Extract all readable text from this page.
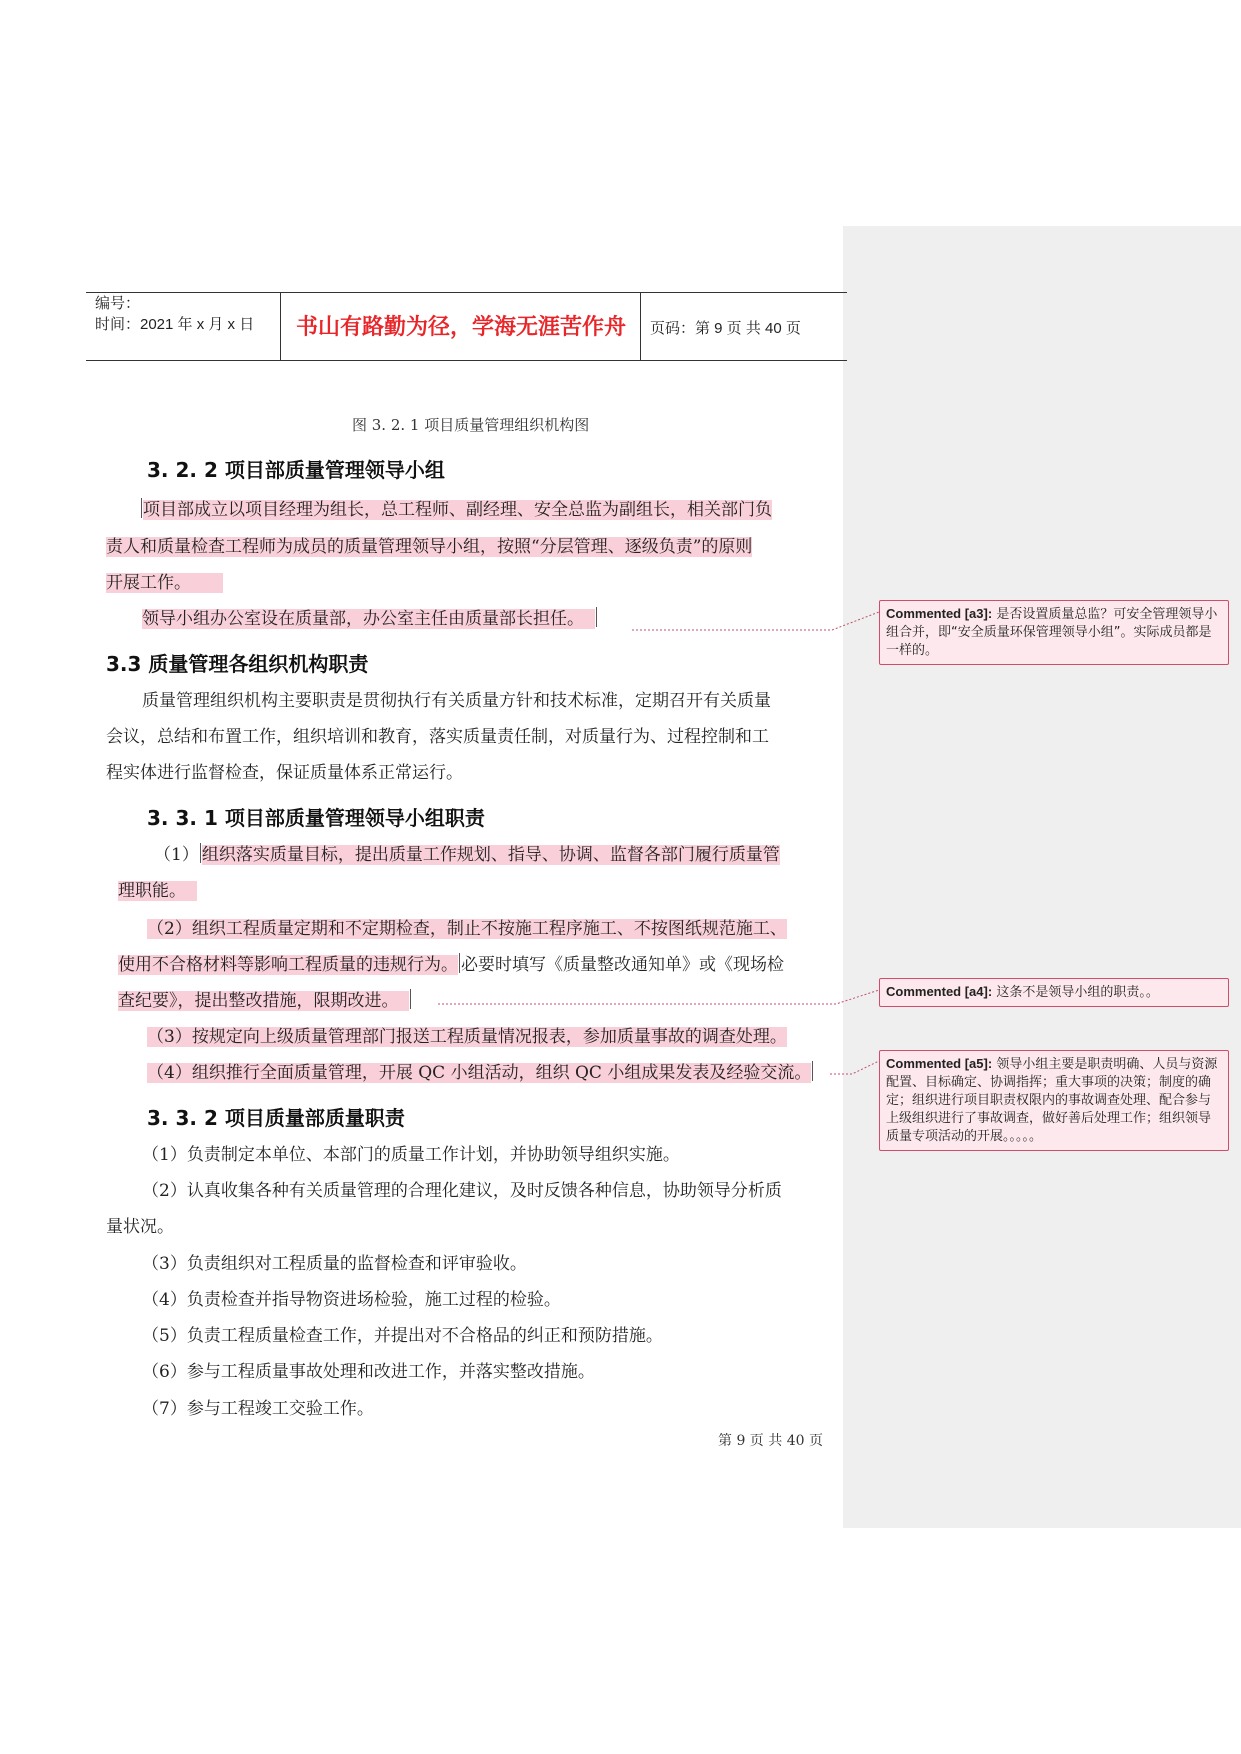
编号：
时间：2021 年 x 月 x 日 书山有路勤为径，学海无涯苦作舟 页码：第 9 页 共 40 页
图 3. 2. 1 项目质量管理组织机构图
3. 2. 2 项目部质量管理领导小组
项目部成立以项目经理为组长，总工程师、副经理、安全总监为副组长，相关部门负
责人和质量检查工程师为成员的质量管理领导小组，按照“分层管理、逐级负责”的原则
开展工作。
领导小组办公室设在质量部，办公室主任由质量部长担任。
3.3 质量管理各组织机构职责
质量管理组织机构主要职责是贯彻执行有关质量方针和技术标准，定期召开有关质量
会议，总结和布置工作，组织培训和教育，落实质量责任制，对质量行为、过程控制和工
程实体进行监督检查，保证质量体系正常运行。
3. 3. 1 项目部质量管理领导小组职责
（1） 组织落实质量目标，提出质量工作规划、指导、协调、监督各部门履行质量管
理职能。
（2）组织工程质量定期和不定期检查，制止不按施工程序施工、不按图纸规范施工、
使用不合格材料等影响工程质量的违规行为。 必要时填写《质量整改通知单》或《现场检
查纪要》，提出整改措施，限期改进。
（3）按规定向上级质量管理部门报送工程质量情况报表，参加质量事故的调查处理。
（4）组织推行全面质量管理，开展 QC 小组活动，组织 QC 小组成果发表及经验交流。
3. 3. 2 项目质量部质量职责
（1）负责制定本单位、本部门的质量工作计划，并协助领导组织实施。
（2）认真收集各种有关质量管理的合理化建议，及时反馈各种信息，协助领导分析质
量状况。
（3）负责组织对工程质量的监督检查和评审验收。
（4）负责检查并指导物资进场检验，施工过程的检验。
（5）负责工程质量检查工作，并提出对不合格品的纠正和预防措施。
（6）参与工程质量事故处理和改进工作，并落实整改措施。
（7）参与工程竣工交验工作。
第 9 页 共 40 页
Commented [a3]: 是否设置质量总监？可安全管理领导小组合并，即“安全质量环保管理领导小组”。实际成员都是一样的。
Commented [a4]: 这条不是领导小组的职责。。
Commented [a5]: 领导小组主要是职责明确、人员与资源配置、目标确定、协调指挥；重大事项的决策；制度的确定；组织进行项目职责权限内的事故调查处理、配合参与上级组织进行了事故调查，做好善后处理工作；组织领导质量专项活动的开展。。。。。
